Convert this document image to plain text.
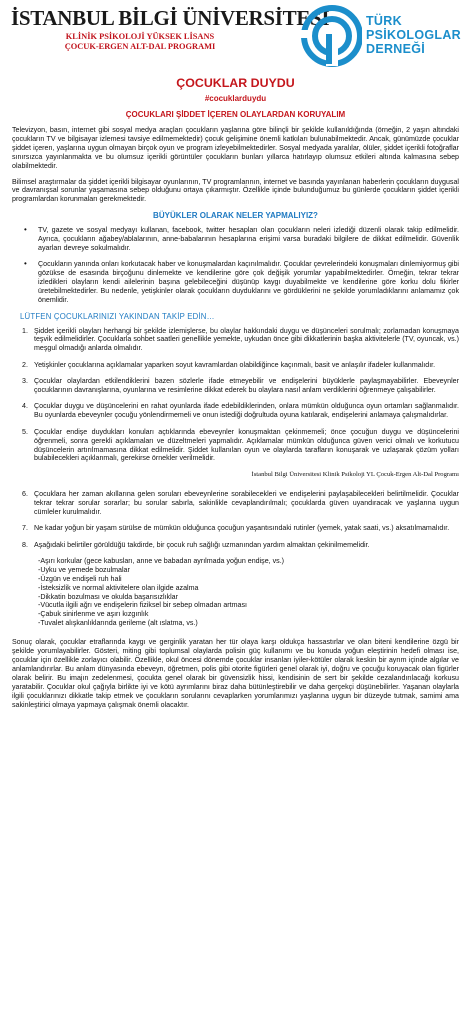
İSTANBUL BİLGİ ÜNİVERSİTESİ
KLİNİK PSİKOLOJİ YÜKSEK LİSANS
ÇOCUK-ERGEN ALT-DAL PROGRAMI
TÜRK
PSİKOLOGLAR
DERNEĞİ
ÇOCUKLAR DUYDU
#cocuklarduydu
ÇOCUKLARI ŞİDDET İÇEREN OLAYLARDAN KORUYALIM

Televizyon, basın, internet gibi sosyal medya araçları çocukların yaşlarına göre bilinçli bir şekilde kullanıldığında (örneğin, 2 yaşın altındaki çocukların TV ve bilgisayar izlemesi tavsiye edilmemektedir) çocuk gelişimine önemli katkıları bulunabilmektedir. Ancak, günümüzde çocuklar şiddet içeren, yaşlarına uygun olmayan birçok oyun ve program izleyebilmektedirler. Sosyal medyada yaralılar, ölüler, şiddet içerikli fotoğraflar sınırsızca yayınlanmakta ve bu olumsuz içerikli görüntüler çocukların bunları yıllarca hatırlayıp olumsuz etkileri altında kalmasına sebep olabilmektedir.

Bilimsel araştırmalar da şiddet içerikli bilgisayar oyunlarının, TV programlarının, internet ve basında yayınlanan haberlerin çocukların duygusal ve davranışsal sorunlar yaşamasına sebep olduğunu ortaya çıkarmıştır. Özellikle içinde bulunduğumuz bu günlerde çocukların şiddet içerikli programlardan korunmaları gerekmektedir.

BÜYÜKLER OLARAK NELER YAPMALIYIZ?
• TV, gazete ve sosyal medyayı kullanan, facebook, twitter hesapları olan çocukların neleri izlediği düzenli olarak takip edilmelidir. Ayrıca, çocukların ağabey/ablalarının, anne-babalarının hesaplarına erişimi varsa buradaki bilgilere de dikkat edilmelidir. Güvenlik ayarları devreye sokulmalıdır.
• Çocukların yanında onları korkutacak haber ve konuşmalardan kaçınılmalıdır. Çocuklar çevrelerindeki konuşmaları dinlemiyormuş gibi gözükse de esasında birçoğunu dinlemekte ve kendilerine göre çok değişik yorumlar yapabilmektedirler. Örneğin, tekrar tekrar izledikleri olayların kendi ailelerinin başına gelebileceğini düşünüp kaygı duyabilmekte ve kendilerine göre korku dolu fikirler üretebilmektedirler. Bu nedenle, yetişkinler olarak çocukların duyduklarını ve gördüklerini ne şekilde yorumladıklarını anlamamız çok önemlidir.
LÜTFEN ÇOCUKLARINIZI YAKINDAN TAKİP EDİN…
1. Şiddet içerikli olayları herhangi bir şekilde izlemişlerse, bu olaylar hakkındaki duygu ve düşünceleri sorulmalı; zorlamadan konuşmaya teşvik edilmelidirler. Çocuklarla sohbet saatleri genellikle yemekte, uykudan önce gibi dikkatlerinin başka aktivitelerle (TV, oyuncak, vs.) meşgul olmadığı anlarda olmalıdır.
2. Yetişkinler çocuklarına açıklamalar yaparken soyut kavramlardan olabildiğince kaçınmalı, basit ve anlaşılır ifadeler kullanmalıdır.
3. Çocuklar olaylardan etkilendiklerini bazen sözlerle ifade etmeyebilir ve endişelerini büyüklerle paylaşmayabilirler. Ebeveynler çocuklarının davranışlarına, oyunlarına ve resimlerine dikkat ederek bu olaylara nasıl anlam verdiklerini öğrenmeye çalışabilirler.
4. Çocuklar duygu ve düşüncelerini en rahat oyunlarda ifade edebildiklerinden, onlara mümkün olduğunca oyun ortamları sağlanmalıdır. Bu oyunlarda ebeveynler çocuğu yönlendirmemeli ve onun istediği doğrultuda oyuna katılarak, endişelerini anlamaya çalışmalıdırlar.
5. Çocuklar endişe duydukları konuları açtıklarında ebeveynler konuşmaktan çekinmemeli; önce çocuğun duygu ve düşüncelerini öğrenmeli, sonra gerekli açıklamaları ve düzeltmeleri yapmalıdır. Açıklamalar mümkün olduğunca güven verici olmalı ve korkutucu düşüncelerin artırılmamasına dikkat edilmelidir. Şiddet kullanılan oyun ve olaylarda tarafların konuşarak ve uzlaşarak çözüm yolları bulabilecekleri açıklanmalı, gerekirse örnekler verilmelidir.
İstanbul Bilgi Üniversitesi Klinik Psikoloji YL Çocuk-Ergen Alt-Dal Programı
6. Çocuklara her zaman akıllarına gelen soruları ebeveynlerine sorabilecekleri ve endişelerini paylaşabilecekleri belirtilmelidir. Çocuklar tekrar tekrar sorular sorarlar; bu sorular sabırla, sakinlikle cevaplandırılmalı; çocuklarda güven uyandıracak ve yaşlarına uygun cümleler kurulmalıdır.
7. Ne kadar yoğun bir yaşam sürülse de mümkün olduğunca çocuğun yaşantısındaki rutinler (yemek, yatak saati, vs.) aksatılmamalıdır.
8. Aşağıdaki belirtiler görüldüğü takdirde, bir çocuk ruh sağlığı uzmanından yardım almaktan çekinilmemelidir.
-Aşırı korkular (gece kabusları, anne ve babadan ayrılmada yoğun endişe, vs.)
-Uyku ve yemede bozulmalar
-Üzgün ve endişeli ruh hali
-İsteksizlik ve normal aktivitelere olan ilgide azalma
-Dikkatin bozulması ve okulda başarısızlıklar
-Vücutla ilgili ağrı ve endişelerin fiziksel bir sebep olmadan artması
-Çabuk sinirlenme ve aşırı kızgınlık
-Tuvalet alışkanlıklarında gerileme (alt ıslatma, vs.)

Sonuç olarak, çocuklar etraflarında kaygı ve gerginlik yaratan her tür olaya karşı oldukça hassastırlar ve olan biteni kendilerine özgü bir şekilde yorumlayabilirler. Gösteri, miting gibi toplumsal olaylarda polisin güç kullanımı ve bu konuda yoğun eleştirinin hedefi olması ise, çocuklar için özellikle zorlayıcı olabilir. Özellikle, okul öncesi dönemde çocuklar insanları iyiler-kötüler olarak keskin bir ayrım içinde algılar ve anlamlandırırlar. Bu anlam dünyasında ebeveyn, öğretmen, polis gibi otorite figürleri genel olarak iyi, doğru ve çocuğu koruyacak olan figürler olarak belirir. Bu imajın zedelenmesi, çocukta genel olarak bir güvensizlik hissi, kendisinin de sert bir şekilde cezalandırılacağı korkusu yaratabilir. Çocuklar okul çağıyla birlikte iyi ve kötü ayrımlarını biraz daha bütünleştirebilir ve daha gerçekçi düşünebilirler. Yaşanan olaylarla ilgili çocuklarınızı dikkatle takip etmek ve çocukların sorularını cevaplarken yorumlarımızı yaşlarına uygun bir düzeyde tutmak, samimi ama sakinleştirici olmaya yapmaya çalışmak önemli olacaktır.
